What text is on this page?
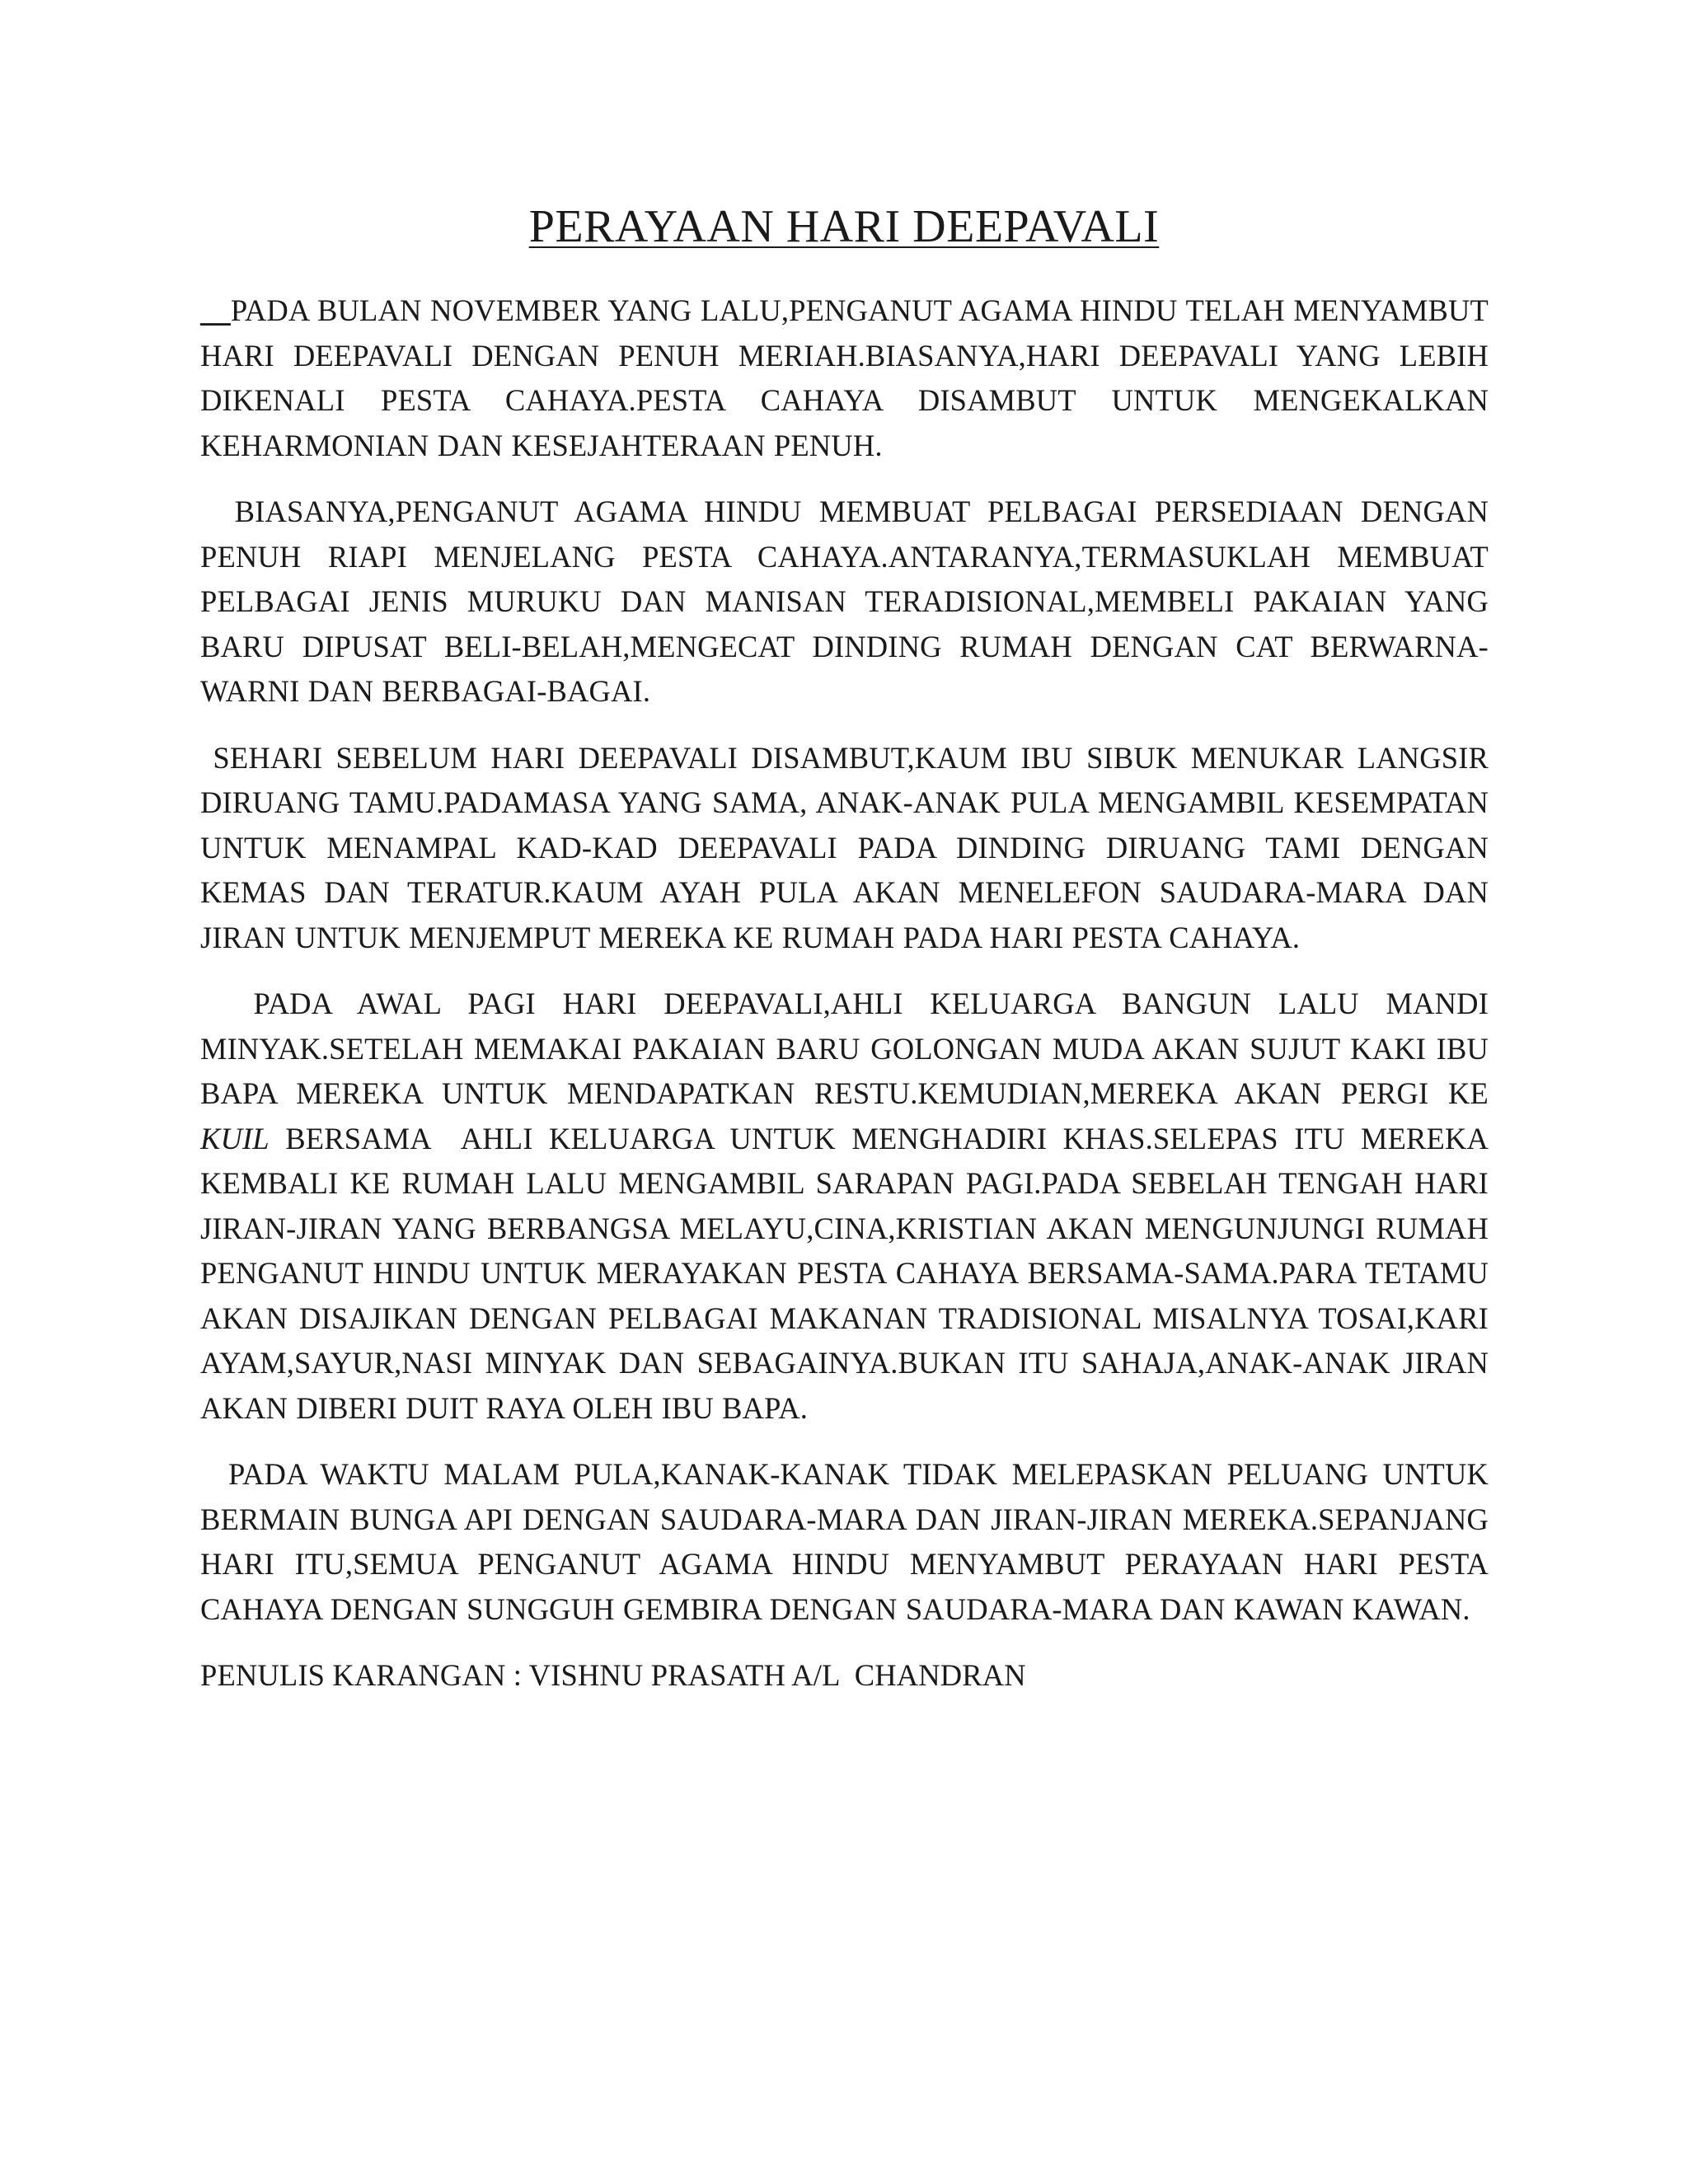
PERAYAAN HARI DEEPAVALI

__PADA BULAN NOVEMBER YANG LALU,PENGANUT AGAMA HINDU TELAH MENYAMBUT HARI DEEPAVALI DENGAN PENUH MERIAH.BIASANYA,HARI DEEPAVALI YANG LEBIH DIKENALI PESTA CAHAYA.PESTA CAHAYA DISAMBUT UNTUK MENGEKALKAN KEHARMONIAN DAN KESEJAHTERAAN PENUH.

BIASANYA,PENGANUT AGAMA HINDU MEMBUAT PELBAGAI PERSEDIAAN DENGAN PENUH RIAPI MENJELANG PESTA CAHAYA.ANTARANYA,TERMASUKLAH MEMBUAT PELBAGAI JENIS MURUKU DAN MANISAN TERADISIONAL,MEMBELI PAKAIAN YANG BARU DIPUSAT BELI-BELAH,MENGECAT DINDING RUMAH DENGAN CAT BERWARNA-WARNI DAN BERBAGAI-BAGAI.

SEHARI SEBELUM HARI DEEPAVALI DISAMBUT,KAUM IBU SIBUK MENUKAR LANGSIR DIRUANG TAMU.PADAMASA YANG SAMA, ANAK-ANAK PULA MENGAMBIL KESEMPATAN UNTUK MENAMPAL KAD-KAD DEEPAVALI PADA DINDING DIRUANG TAMI DENGAN KEMAS DAN TERATUR.KAUM AYAH PULA AKAN MENELEFON SAUDARA-MARA DAN JIRAN UNTUK MENJEMPUT MEREKA KE RUMAH PADA HARI PESTA CAHAYA.

PADA AWAL PAGI HARI DEEPAVALI,AHLI KELUARGA BANGUN LALU MANDI MINYAK.SETELAH MEMAKAI PAKAIAN BARU GOLONGAN MUDA AKAN SUJUT KAKI IBU BAPA MEREKA UNTUK MENDAPATKAN RESTU.KEMUDIAN,MEREKA AKAN PERGI KE KUIL BERSAMA  AHLI KELUARGA UNTUK MENGHADIRI KHAS.SELEPAS ITU MEREKA KEMBALI KE RUMAH LALU MENGAMBIL SARAPAN PAGI.PADA SEBELAH TENGAH HARI JIRAN-JIRAN YANG BERBANGSA MELAYU,CINA,KRISTIAN AKAN MENGUNJUNGI RUMAH PENGANUT HINDU UNTUK MERAYAKAN PESTA CAHAYA BERSAMA-SAMA.PARA TETAMU AKAN DISAJIKAN DENGAN PELBAGAI MAKANAN TRADISIONAL MISALNYA TOSAI,KARI AYAM,SAYUR,NASI MINYAK DAN SEBAGAINYA.BUKAN ITU SAHAJA,ANAK-ANAK JIRAN AKAN DIBERI DUIT RAYA OLEH IBU BAPA.

PADA WAKTU MALAM PULA,KANAK-KANAK TIDAK MELEPASKAN PELUANG UNTUK BERMAIN BUNGA API DENGAN SAUDARA-MARA DAN JIRAN-JIRAN MEREKA.SEPANJANG HARI ITU,SEMUA PENGANUT AGAMA HINDU MENYAMBUT PERAYAAN HARI PESTA CAHAYA DENGAN SUNGGUH GEMBIRA DENGAN SAUDARA-MARA DAN KAWAN KAWAN.

PENULIS KARANGAN : VISHNU PRASATH A/L  CHANDRAN
